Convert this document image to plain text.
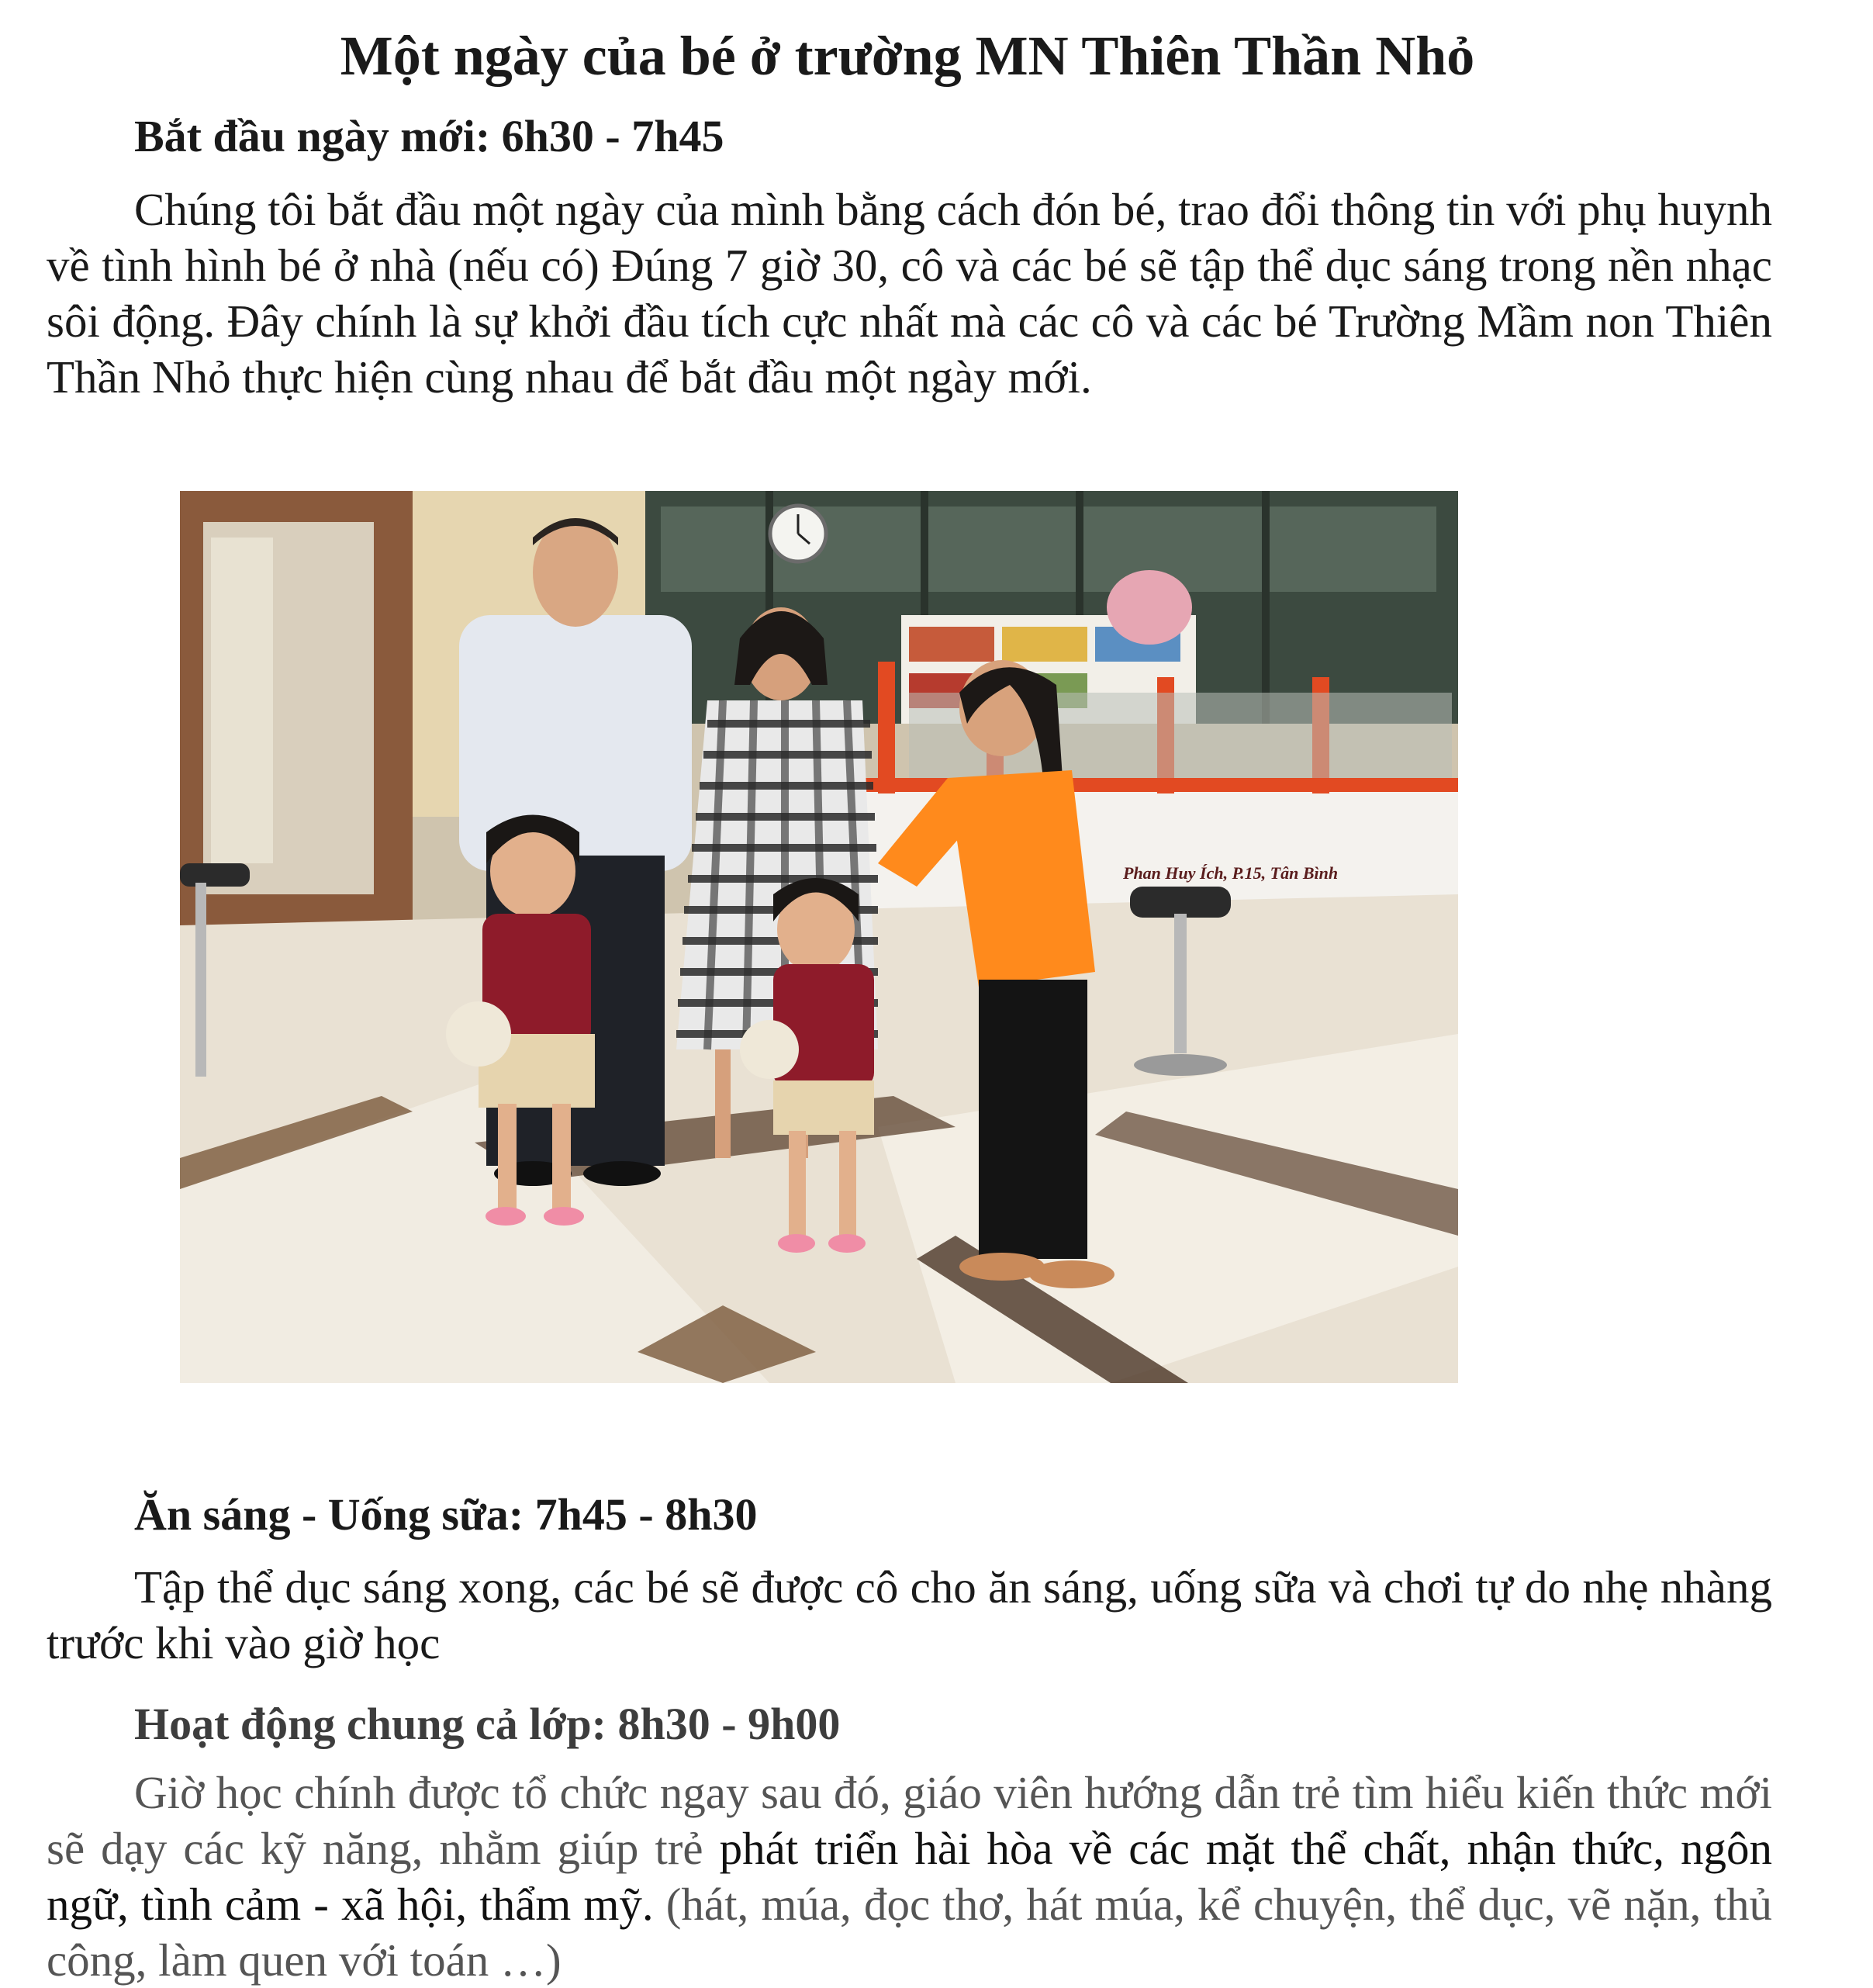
Một ngày của bé ở trường MN Thiên Thần Nhỏ
Bắt đầu ngày mới: 6h30 - 7h45
Chúng tôi bắt đầu một ngày của mình bằng cách đón bé, trao đổi thông tin với phụ huynh về tình hình bé ở nhà (nếu có) Đúng 7 giờ 30, cô và các bé sẽ tập thể dục sáng trong nền nhạc sôi động. Đây chính là sự khởi đầu tích cực nhất mà các cô và các bé Trường Mầm non Thiên Thần Nhỏ thực hiện cùng nhau để bắt đầu một ngày mới.
Phan Huy Ích, P.15, Tân Bình
Ăn sáng - Uống sữa: 7h45 - 8h30
Tập thể dục sáng xong, các bé sẽ được cô cho ăn sáng, uống sữa và chơi tự do nhẹ nhàng trước khi vào giờ học
Hoạt động chung cả lớp: 8h30 - 9h00
Giờ học chính được tổ chức ngay sau đó, giáo viên hướng dẫn trẻ tìm hiểu kiến thức mới sẽ dạy các kỹ năng, nhằm giúp trẻ phát triển hài hòa về các mặt thể chất, nhận thức, ngôn ngữ, tình cảm - xã hội, thẩm mỹ. (hát, múa, đọc thơ, hát múa, kể chuyện, thể dục, vẽ nặn, thủ công, làm quen với toán …)
